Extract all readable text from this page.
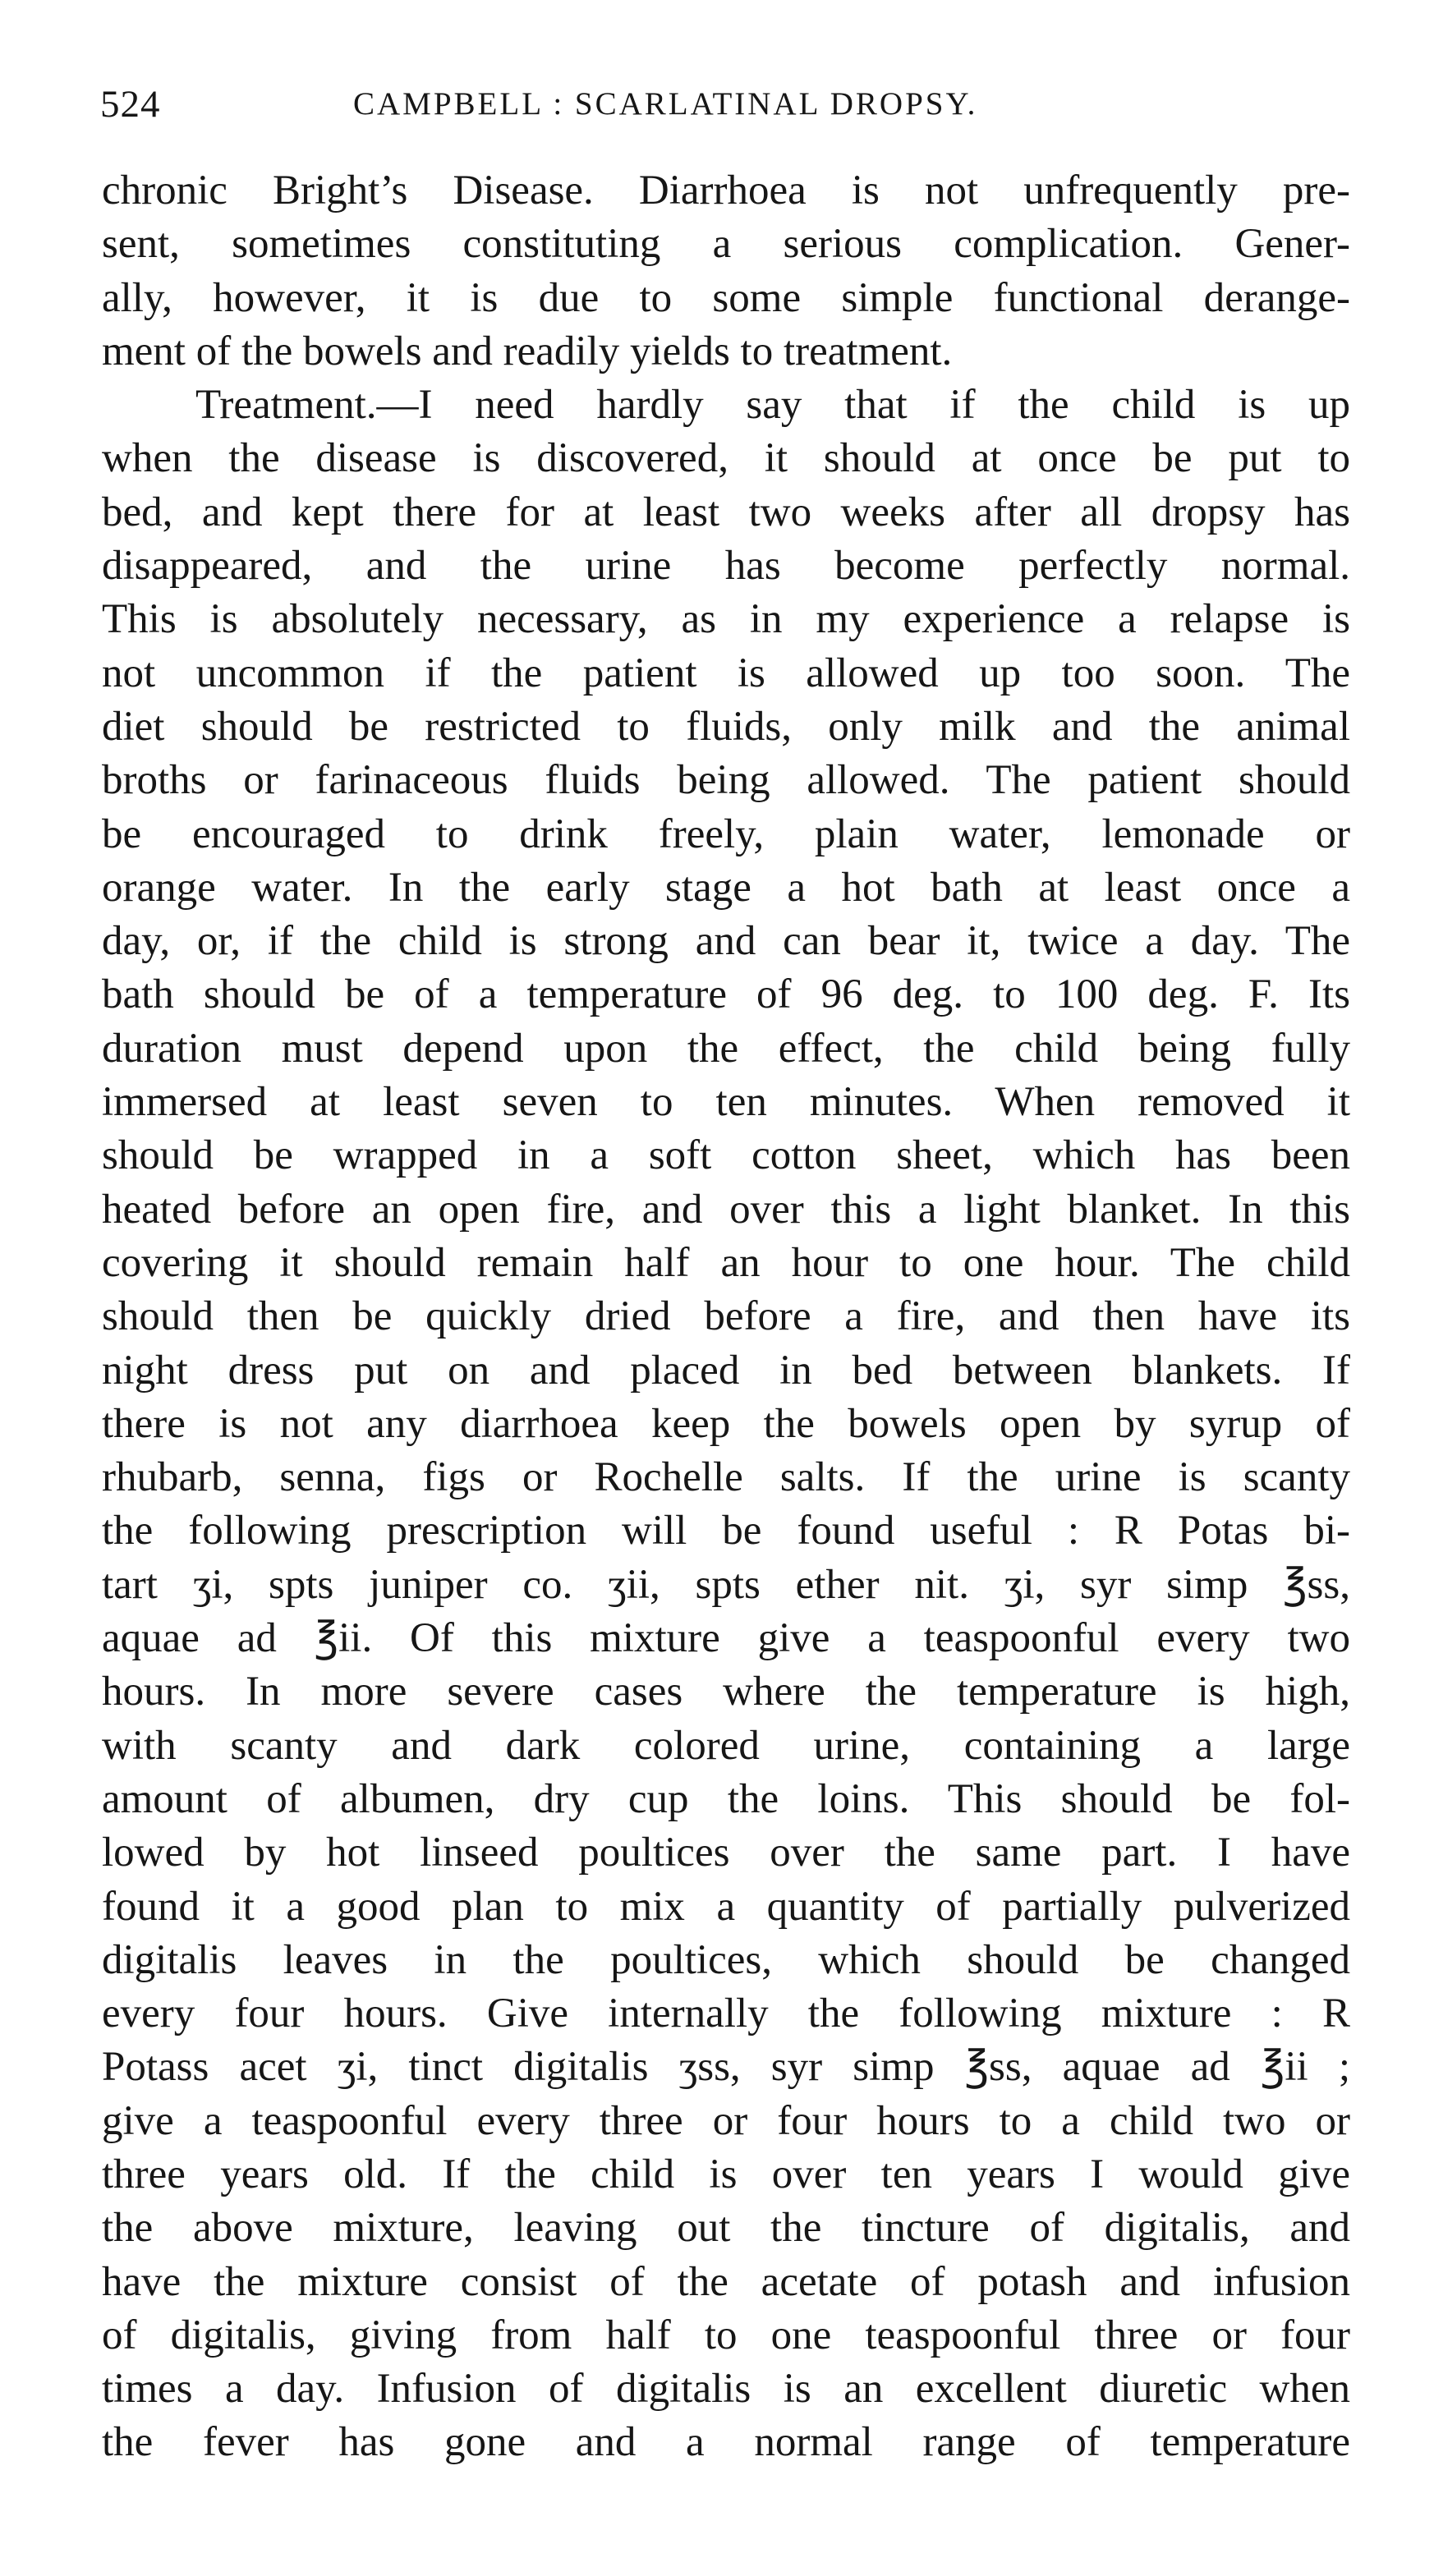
524	CAMPBELL : SCARLATINAL DROPSY.
chronic Bright’s Disease. Diarrhoea is not unfrequently pre-
sent, sometimes constituting a serious complication. Gener-
ally, however, it is due to some simple functional derange-
ment of the bowels and readily yields to treatment.
Treatment.—I need hardly say that if the child is up
when the disease is discovered, it should at once be put to
bed, and kept there for at least two weeks after all dropsy has
disappeared, and the urine has become perfectly normal.
This is absolutely necessary, as in my experience a relapse is
not uncommon if the patient is allowed up too soon. The
diet should be restricted to fluids, only milk and the animal
broths or farinaceous fluids being allowed. The patient should
be encouraged to drink freely, plain water, lemonade or
orange water. In the early stage a hot bath at least once a
day, or, if the child is strong and can bear it, twice a day. The
bath should be of a temperature of 96 deg. to 100 deg. F. Its
duration must depend upon the effect, the child being fully
immersed at least seven to ten minutes. When removed it
should be wrapped in a soft cotton sheet, which has been
heated before an open fire, and over this a light blanket. In this
covering it should remain half an hour to one hour. The child
should then be quickly dried before a fire, and then have its
night dress put on and placed in bed between blankets. If
there is not any diarrhoea keep the bowels open by syrup of
rhubarb, senna, figs or Rochelle salts. If the urine is scanty
the following prescription will be found useful : R Potas bi-
tart ʒi, spts juniper co. ʒii, spts ether nit. ʒi, syr simp ℥ss,
aquae ad ℥ii. Of this mixture give a teaspoonful every two
hours. In more severe cases where the temperature is high,
with scanty and dark colored urine, containing a large
amount of albumen, dry cup the loins. This should be fol-
lowed by hot linseed poultices over the same part. I have
found it a good plan to mix a quantity of partially pulverized
digitalis leaves in the poultices, which should be changed
every four hours. Give internally the following mixture : R
Potass acet ʒi, tinct digitalis ʒss, syr simp ℥ss, aquae ad ℥ii ;
give a teaspoonful every three or four hours to a child two or
three years old. If the child is over ten years I would give
the above mixture, leaving out the tincture of digitalis, and
have the mixture consist of the acetate of potash and infusion
of digitalis, giving from half to one teaspoonful three or four
times a day. Infusion of digitalis is an excellent diuretic when
the fever has gone and a normal range of temperature
